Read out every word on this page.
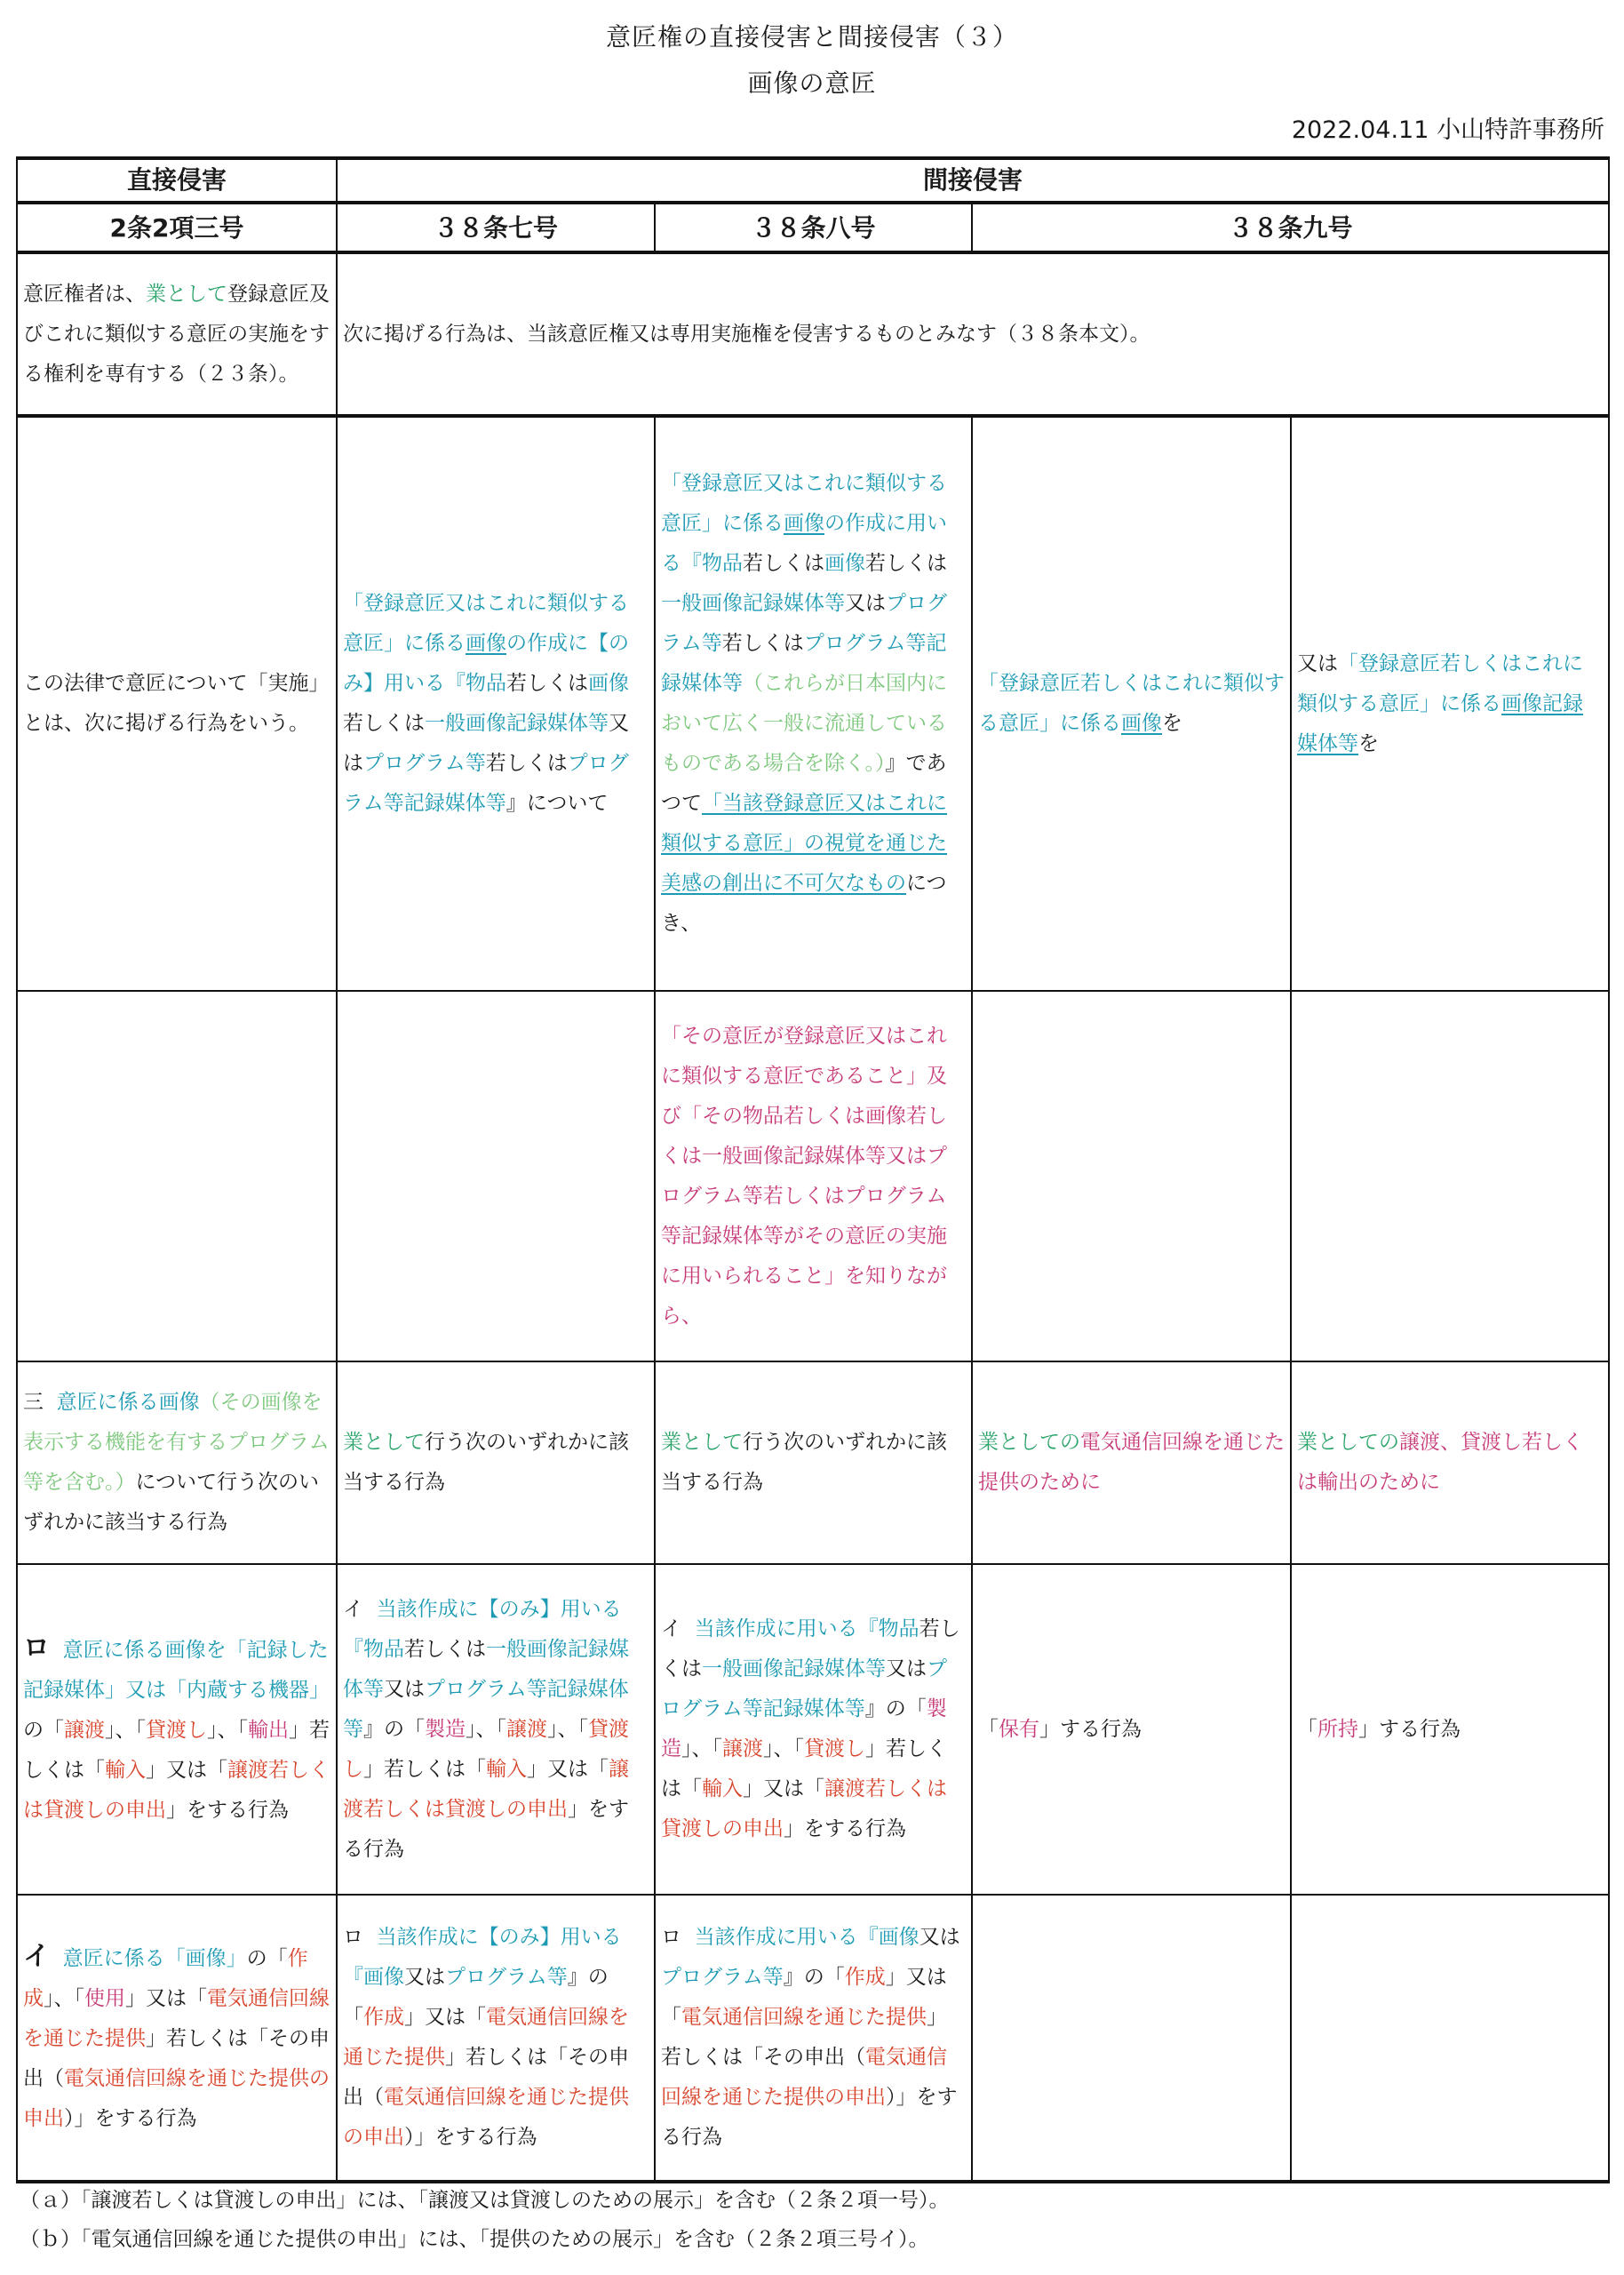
意匠権の直接侵害と間接侵害（３）
画像の意匠
2022.04.11 小山特許事務所
直接侵害	間接侵害			
2条2項三号	３８条七号	３８条八号	３８条九号	
意匠権者は、業として登録意匠及びこれに類似する意匠の実施をする権利を専有する（２３条）。	次に掲げる行為は、当該意匠権又は専用実施権を侵害するものとみなす（３８条本文）。			
この法律で意匠について「実施」とは、次に掲げる行為をいう。	「登録意匠又はこれに類似する意匠」に係る画像の作成に【のみ】用いる『物品若しくは画像若しくは一般画像記録媒体等又はプログラム等若しくはプログラム等記録媒体等』について	「登録意匠又はこれに類似する意匠」に係る画像の作成に用いる『物品若しくは画像若しくは一般画像記録媒体等又はプログラム等若しくはプログラム等記録媒体等（これらが日本国内において広く一般に流通しているものである場合を除く。）』であつて「当該登録意匠又はこれに類似する意匠」の視覚を通じた美感の創出に不可欠なものにつき、	「登録意匠若しくはこれに類似する意匠」に係る画像を	又は「登録意匠若しくはこれに類似する意匠」に係る画像記録媒体等を
		「その意匠が登録意匠又はこれに類似する意匠であること」及び「その物品若しくは画像若しくは一般画像記録媒体等又はプログラム等若しくはプログラム等記録媒体等がその意匠の実施に用いられること」を知りながら、		
三 意匠に係る画像（その画像を表示する機能を有するプログラム等を含む。）について行う次のいずれかに該当する行為	業として行う次のいずれかに該当する行為	業として行う次のいずれかに該当する行為	業としての電気通信回線を通じた提供のために	業としての譲渡、貸渡し若しくは輸出のために
ロ 意匠に係る画像を「記録した記録媒体」又は「内蔵する機器」の「譲渡」、「貸渡し」、「輸出」若しくは「輸入」又は「譲渡若しくは貸渡しの申出」をする行為	イ 当該作成に【のみ】用いる『物品若しくは一般画像記録媒体等又はプログラム等記録媒体等』の「製造」、「譲渡」、「貸渡し」若しくは「輸入」又は「譲渡若しくは貸渡しの申出」をする行為	イ 当該作成に用いる『物品若しくは一般画像記録媒体等又はプログラム等記録媒体等』の「製造」、「譲渡」、「貸渡し」若しくは「輸入」又は「譲渡若しくは貸渡しの申出」をする行為	「保有」する行為	「所持」する行為
イ 意匠に係る「画像」の「作成」、「使用」又は「電気通信回線を通じた提供」若しくは「その申出（電気通信回線を通じた提供の申出）」をする行為	ロ 当該作成に【のみ】用いる『画像又はプログラム等』の「作成」又は「電気通信回線を通じた提供」若しくは「その申出（電気通信回線を通じた提供の申出）」をする行為	ロ 当該作成に用いる『画像又はプログラム等』の「作成」又は「電気通信回線を通じた提供」若しくは「その申出（電気通信回線を通じた提供の申出）」をする行為		
（ａ）「譲渡若しくは貸渡しの申出」には、「譲渡又は貸渡しのための展示」を含む（２条２項一号）。
（ｂ）「電気通信回線を通じた提供の申出」には、「提供のための展示」を含む（２条２項三号イ）。
